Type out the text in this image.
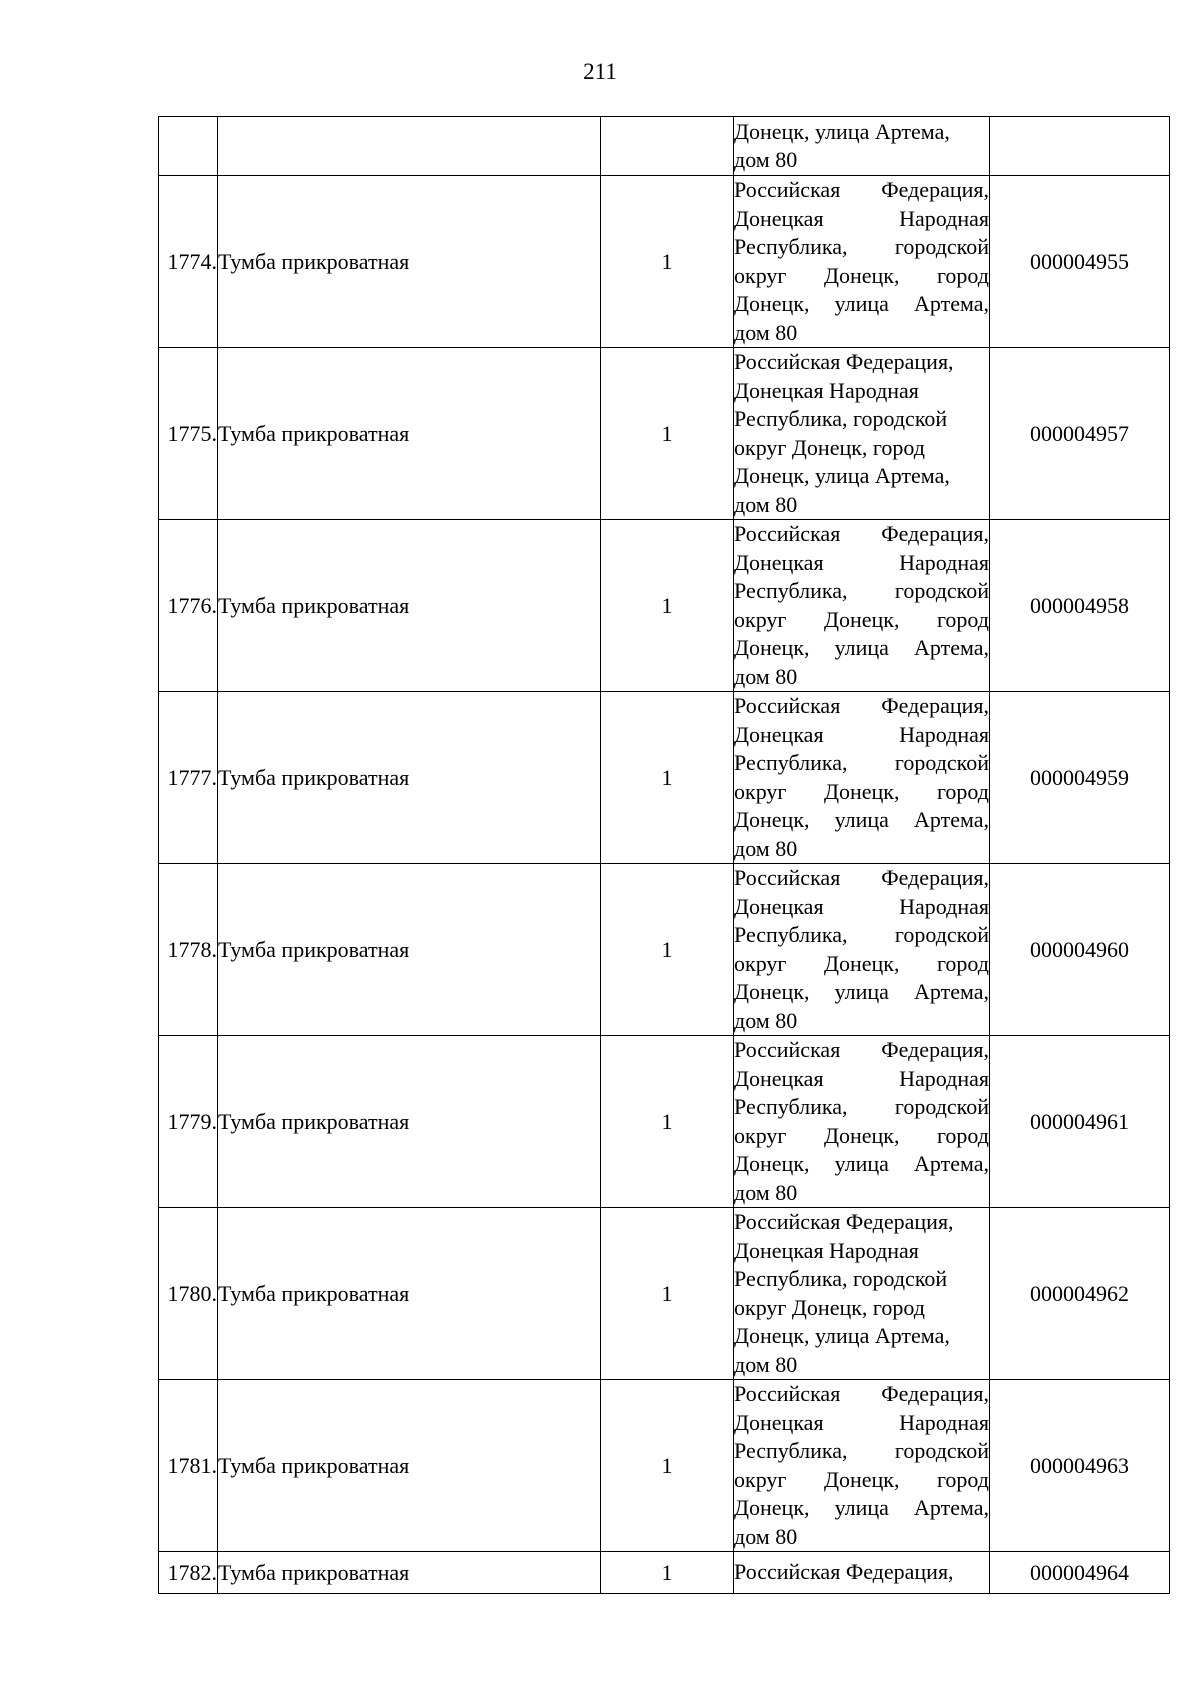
211
			Донецк, улица Артема, дом 80	
1774.	Тумба прикроватная	1	Российская Федерация, Донецкая Народная Республика, городской округ Донецк, город Донецк, улица Артема, дом 80	000004955
1775.	Тумба прикроватная	1	Российская Федерация, Донецкая Народная Республика, городской округ Донецк, город Донецк, улица Артема, дом 80	000004957
1776.	Тумба прикроватная	1	Российская Федерация, Донецкая Народная Республика, городской округ Донецк, город Донецк, улица Артема, дом 80	000004958
1777.	Тумба прикроватная	1	Российская Федерация, Донецкая Народная Республика, городской округ Донецк, город Донецк, улица Артема, дом 80	000004959
1778.	Тумба прикроватная	1	Российская Федерация, Донецкая Народная Республика, городской округ Донецк, город Донецк, улица Артема, дом 80	000004960
1779.	Тумба прикроватная	1	Российская Федерация, Донецкая Народная Республика, городской округ Донецк, город Донецк, улица Артема, дом 80	000004961
1780.	Тумба прикроватная	1	Российская Федерация, Донецкая Народная Республика, городской округ Донецк, город Донецк, улица Артема, дом 80	000004962
1781.	Тумба прикроватная	1	Российская Федерация, Донецкая Народная Республика, городской округ Донецк, город Донецк, улица Артема, дом 80	000004963
1782.	Тумба прикроватная	1	Российская Федерация,	000004964
